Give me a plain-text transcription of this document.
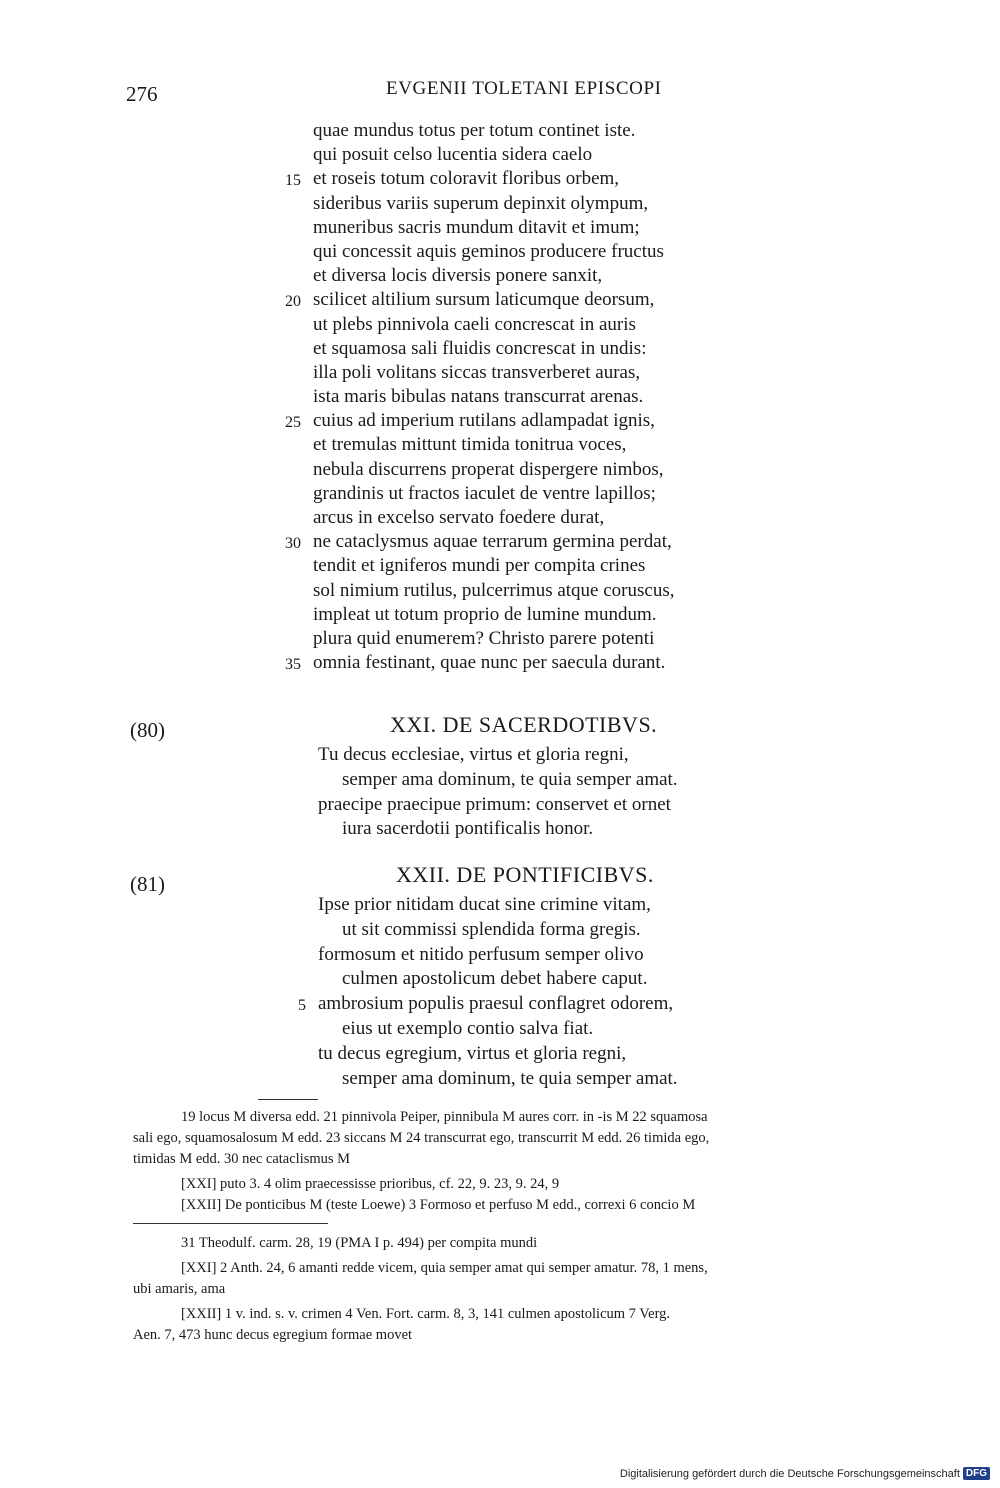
276	EVGENII TOLETANI EPISCOPI
quae mundus totus per totum continet iste.
qui posuit celso lucentia sidera caelo
15 et roseis totum coloravit floribus orbem,
sideribus variis superum depinxit olympum,
muneribus sacris mundum ditavit et imum;
qui concessit aquis geminos producere fructus
et diversa locis diversis ponere sanxit,
20 scilicet altilium sursum laticumque deorsum,
ut plebs pinnivola caeli concrescat in auris
et squamosa sali fluidis concrescat in undis:
illa poli volitans siccas transverberet auras,
ista maris bibulas natans transcurrat arenas.
25 cuius ad imperium rutilans adlampadat ignis,
et tremulas mittunt timida tonitrua voces,
nebula discurrens properat dispergere nimbos,
grandinis ut fractos iaculet de ventre lapillos;
arcus in excelso servato foedere durat,
30 ne cataclysmus aquae terrarum germina perdat,
tendit et igniferos mundi per compita crines
sol nimium rutilus, pulcerrimus atque coruscus,
impleat ut totum proprio de lumine mundum.
plura quid enumerem? Christo parere potenti
35 omnia festinant, quae nunc per saecula durant.
(80)	XXI. DE SACERDOTIBVS.
Tu decus ecclesiae, virtus et gloria regni,
semper ama dominum, te quia semper amat.
praecipe praecipue primum: conservet et ornet
iura sacerdotii pontificalis honor.
(81)	XXII. DE PONTIFICIBVS.
Ipse prior nitidam ducat sine crimine vitam,
ut sit commissi splendida forma gregis.
formosum et nitido perfusum semper olivo
culmen apostolicum debet habere caput.
5 ambrosium populis praesul conflagret odorem,
eius ut exemplo contio salva fiat.
tu decus egregium, virtus et gloria regni,
semper ama dominum, te quia semper amat.

19 locus M diversa edd. 21 pinnivola Peiper, pinnibula M aures corr. in -is M 22 squamosa

sali ego, squamosalosum M edd. 23 siccans M 24 transcurrat ego, transcurrit M edd. 26 timida ego,

timidas M edd. 30 nec cataclismus M

[XXI] puto 3. 4 olim praecessisse prioribus, cf. 22, 9. 23, 9. 24, 9

[XXII] De ponticibus M (teste Loewe) 3 Formoso et perfuso M edd., correxi 6 concio M

31 Theodulf. carm. 28, 19 (PMA I p. 494) per compita mundi

[XXI] 2 Anth. 24, 6 amanti redde vicem, quia semper amat qui semper amatur. 78, 1 mens,

ubi amaris, ama

[XXII] 1 v. ind. s. v. crimen 4 Ven. Fort. carm. 8, 3, 141 culmen apostolicum 7 Verg.

Aen. 7, 473 hunc decus egregium formae movet

Digitalisierung gefördert durch die Deutsche Forschungsgemeinschaft DFG
